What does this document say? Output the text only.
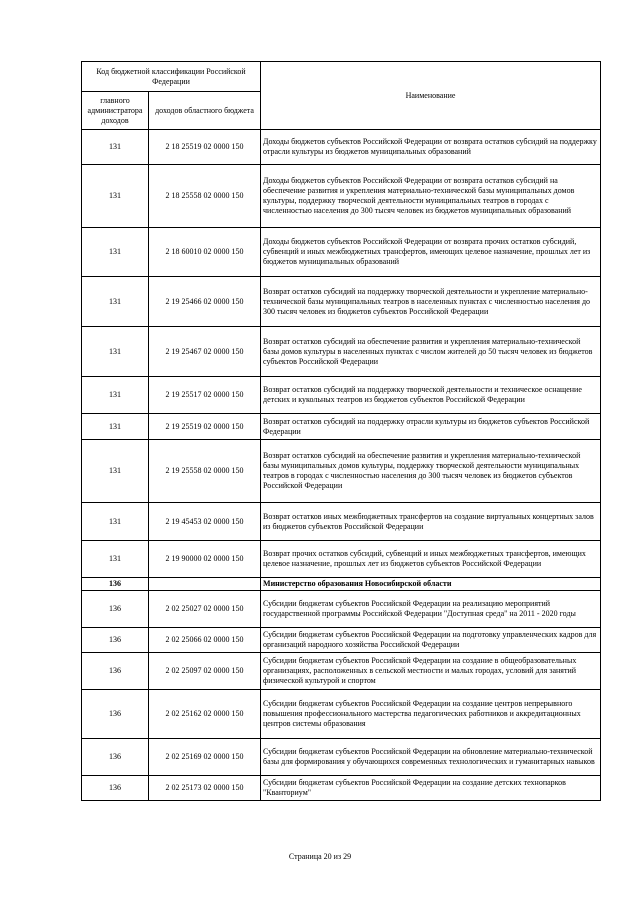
Код бюджетной классификации Российской Федерации		Наименование
главного администратора доходов	доходов областного бюджета	
131	2 18 25519 02 0000 150	Доходы бюджетов субъектов Российской Федерации от возврата остатков субсидий на поддержку отрасли культуры из бюджетов муниципальных образований
131	2 18 25558 02 0000 150	Доходы бюджетов субъектов Российской Федерации от возврата остатков субсидий на обеспечение развития и укрепления материально-технической базы муниципальных домов культуры, поддержку творческой деятельности муниципальных театров в городах с численностью населения до 300 тысяч человек из бюджетов муниципальных образований
131	2 18 60010 02 0000 150	Доходы бюджетов субъектов Российской Федерации от возврата прочих остатков субсидий, субвенций и иных межбюджетных трансфертов, имеющих целевое назначение, прошлых лет из бюджетов муниципальных образований
131	2 19 25466 02 0000 150	Возврат остатков субсидий на поддержку творческой деятельности и укрепление материально-технической базы муниципальных театров в населенных пунктах с численностью населения до 300 тысяч человек из бюджетов субъектов Российской Федерации
131	2 19 25467 02 0000 150	Возврат остатков субсидий на обеспечение развития и укрепления материально-технической базы домов культуры в населенных пунктах с числом жителей до 50 тысяч человек из бюджетов субъектов Российской Федерации
131	2 19 25517 02 0000 150	Возврат остатков субсидий на поддержку творческой деятельности и техническое оснащение детских и кукольных театров из бюджетов субъектов Российской Федерации
131	2 19 25519 02 0000 150	Возврат остатков субсидий на поддержку отрасли культуры из бюджетов субъектов Российской Федерации
131	2 19 25558 02 0000 150	Возврат остатков субсидий на обеспечение развития и укрепления материально-технической базы муниципальных домов культуры, поддержку творческой деятельности муниципальных театров в городах с численностью населения до 300 тысяч человек из бюджетов субъектов Российской Федерации
131	2 19 45453 02 0000 150	Возврат остатков иных межбюджетных трансфертов на создание виртуальных концертных залов из бюджетов субъектов Российской Федерации
131	2 19 90000 02 0000 150	Возврат прочих остатков субсидий, субвенций и иных межбюджетных трансфертов, имеющих целевое назначение, прошлых лет из бюджетов субъектов Российской Федерации
136		Министерство образования Новосибирской области
136	2 02 25027 02 0000 150	Субсидии бюджетам субъектов Российской Федерации на реализацию мероприятий государственной программы Российской Федерации "Доступная среда" на 2011 - 2020 годы
136	2 02 25066 02 0000 150	Субсидии бюджетам субъектов Российской Федерации на подготовку управленческих кадров для организаций народного хозяйства Российской Федерации
136	2 02 25097 02 0000 150	Субсидии бюджетам субъектов Российской Федерации на создание в общеобразовательных организациях, расположенных в сельской местности и малых городах, условий для занятий физической культурой и спортом
136	2 02 25162 02 0000 150	Субсидии бюджетам субъектов Российской Федерации на создание центров непрерывного повышения профессионального мастерства педагогических работников и аккредитационных центров системы образования
136	2 02 25169 02 0000 150	Субсидии бюджетам субъектов Российской Федерации на обновление материально-технической базы для формирования у обучающихся современных технологических и гуманитарных навыков
136	2 02 25173 02 0000 150	Субсидии бюджетам субъектов Российской Федерации на создание детских технопарков "Кванториум"
Страница 20 из 29
